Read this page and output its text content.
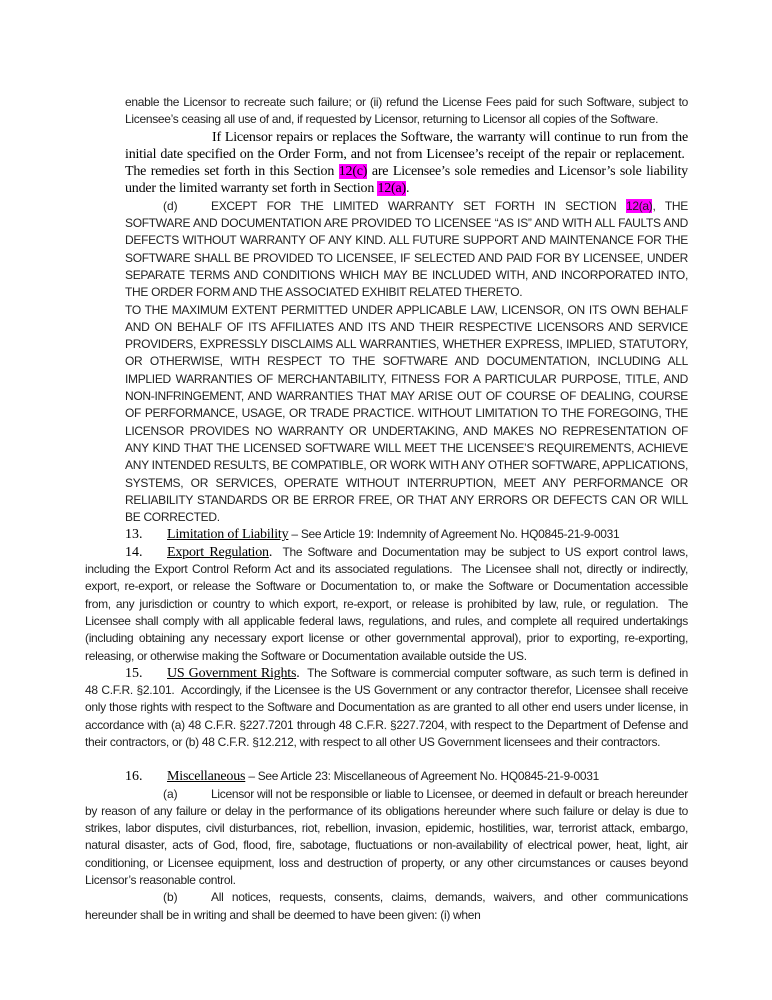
enable the Licensor to recreate such failure; or (ii) refund the License Fees paid for such Software, subject to Licensee’s ceasing all use of and, if requested by Licensor, returning to Licensor all copies of the Software.

If Licensor repairs or replaces the Software, the warranty will continue to run from the initial date specified on the Order Form, and not from Licensee’s receipt of the repair or replacement.  The remedies set forth in this Section 12(c) are Licensee’s sole remedies and Licensor’s sole liability under the limited warranty set forth in Section 12(a).

(d)	EXCEPT FOR THE LIMITED WARRANTY SET FORTH IN SECTION 12(a), THE SOFTWARE AND DOCUMENTATION ARE PROVIDED TO LICENSEE “AS IS” AND WITH ALL FAULTS AND DEFECTS WITHOUT WARRANTY OF ANY KIND. ALL FUTURE SUPPORT AND MAINTENANCE FOR THE SOFTWARE SHALL BE PROVIDED TO LICENSEE, IF SELECTED AND PAID FOR BY LICENSEE, UNDER SEPARATE TERMS AND CONDITIONS WHICH MAY BE INCLUDED WITH, AND INCORPORATED INTO, THE ORDER FORM AND THE ASSOCIATED EXHIBIT RELATED THERETO.

TO THE MAXIMUM EXTENT PERMITTED UNDER APPLICABLE LAW, LICENSOR, ON ITS OWN BEHALF AND ON BEHALF OF ITS AFFILIATES AND ITS AND THEIR RESPECTIVE LICENSORS AND SERVICE PROVIDERS, EXPRESSLY DISCLAIMS ALL WARRANTIES, WHETHER EXPRESS, IMPLIED, STATUTORY, OR OTHERWISE, WITH RESPECT TO THE SOFTWARE AND DOCUMENTATION, INCLUDING ALL IMPLIED WARRANTIES OF MERCHANTABILITY, FITNESS FOR A PARTICULAR PURPOSE, TITLE, AND NON-INFRINGEMENT, AND WARRANTIES THAT MAY ARISE OUT OF COURSE OF DEALING, COURSE OF PERFORMANCE, USAGE, OR TRADE PRACTICE. WITHOUT LIMITATION TO THE FOREGOING, THE LICENSOR PROVIDES NO WARRANTY OR UNDERTAKING, AND MAKES NO REPRESENTATION OF ANY KIND THAT THE LICENSED SOFTWARE WILL MEET THE LICENSEE’S REQUIREMENTS, ACHIEVE ANY INTENDED RESULTS, BE COMPATIBLE, OR WORK WITH ANY OTHER SOFTWARE, APPLICATIONS, SYSTEMS, OR SERVICES, OPERATE WITHOUT INTERRUPTION, MEET ANY PERFORMANCE OR RELIABILITY STANDARDS OR BE ERROR FREE, OR THAT ANY ERRORS OR DEFECTS CAN OR WILL BE CORRECTED.

13. Limitation of Liability – See Article 19: Indemnity of Agreement No. HQ0845-21-9-0031

14. Export Regulation.  The Software and Documentation may be subject to US export control laws, including the Export Control Reform Act and its associated regulations.  The Licensee shall not, directly or indirectly, export, re-export, or release the Software or Documentation to, or make the Software or Documentation accessible from, any jurisdiction or country to which export, re-export, or release is prohibited by law, rule, or regulation.  The Licensee shall comply with all applicable federal laws, regulations, and rules, and complete all required undertakings (including obtaining any necessary export license or other governmental approval), prior to exporting, re-exporting, releasing, or otherwise making the Software or Documentation available outside the US.

15. US Government Rights.  The Software is commercial computer software, as such term is defined in 48 C.F.R. §2.101.  Accordingly, if the Licensee is the US Government or any contractor therefor, Licensee shall receive only those rights with respect to the Software and Documentation as are granted to all other end users under license, in accordance with (a) 48 C.F.R. §227.7201 through 48 C.F.R. §227.7204, with respect to the Department of Defense and their contractors, or (b) 48 C.F.R. §12.212, with respect to all other US Government licensees and their contractors.

16. Miscellaneous – See Article 23: Miscellaneous of Agreement No. HQ0845-21-9-0031

(a)	Licensor will not be responsible or liable to Licensee, or deemed in default or breach hereunder by reason of any failure or delay in the performance of its obligations hereunder where such failure or delay is due to strikes, labor disputes, civil disturbances, riot, rebellion, invasion, epidemic, hostilities, war, terrorist attack, embargo, natural disaster, acts of God, flood, fire, sabotage, fluctuations or non-availability of electrical power, heat, light, air conditioning, or Licensee equipment, loss and destruction of property, or any other circumstances or causes beyond Licensor’s reasonable control.

(b)	All notices, requests, consents, claims, demands, waivers, and other communications hereunder shall be in writing and shall be deemed to have been given: (i) when
